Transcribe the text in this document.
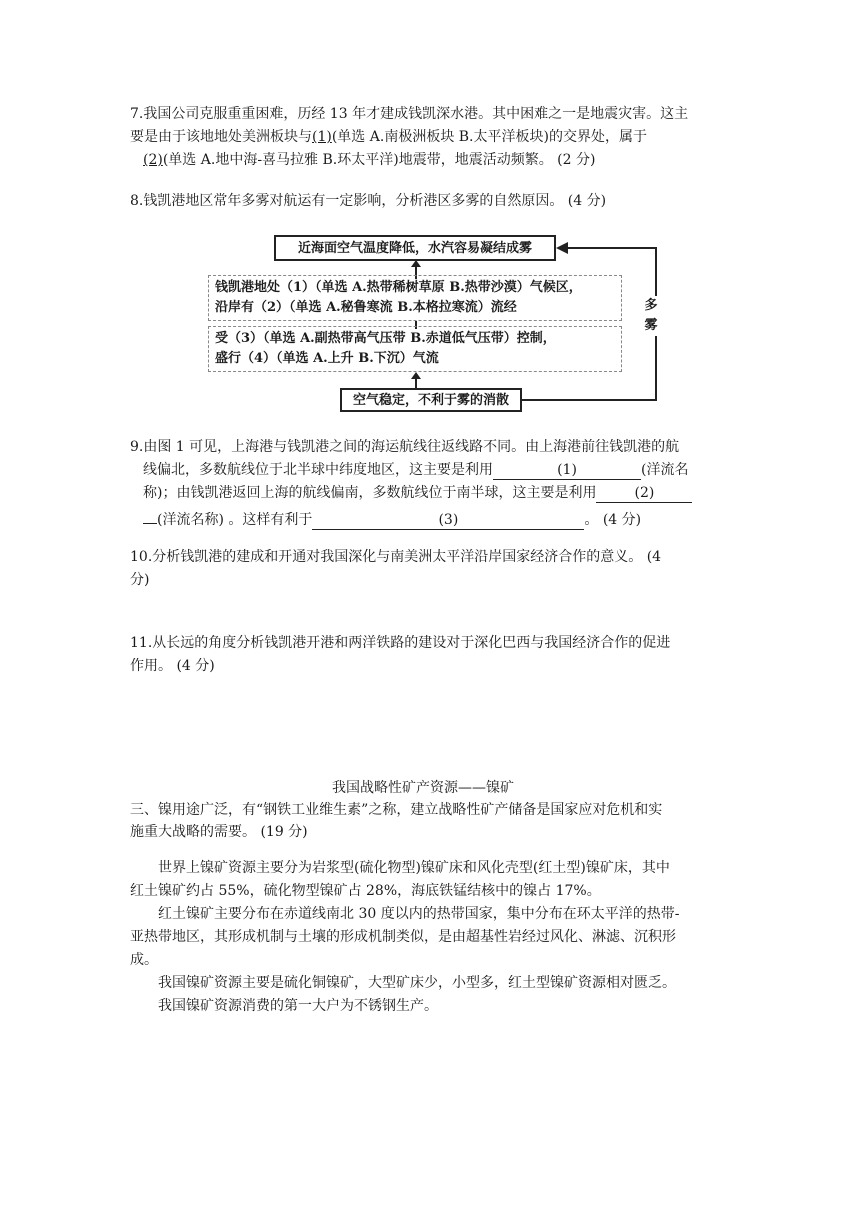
7.我国公司克服重重困难，历经 13 年才建成钱凯深水港。其中困难之一是地震灾害。这主
要是由于该地地处美洲板块与(1)(单选 A.南极洲板块 B.太平洋板块)的交界处，属于
(2)(单选 A.地中海-喜马拉雅 B.环太平洋)地震带，地震活动频繁。 (2 分)
8.钱凯港地区常年多雾对航运有一定影响，分析港区多雾的自然原因。 (4 分)
近海面空气温度降低，水汽容易凝结成雾
钱凯港地处（1）（单选 A.热带稀树草原 B.热带沙漠）气候区，
沿岸有（2）（单选 A.秘鲁寒流 B.本格拉寒流）流经
受（3）（单选 A.副热带高气压带 B.赤道低气压带）控制，
盛行（4）（单选 A.上升 B.下沉）气流
空气稳定，不利于雾的消散
多
雾
9.由图 1 可见，上海港与钱凯港之间的海运航线往返线路不同。由上海港前往钱凯港的航
线偏北，多数航线位于北半球中纬度地区，这主要是利用	(1)	(洋流名
称)；由钱凯港返回上海的航线偏南，多数航线位于南半球，这主要是利用	(2)
(洋流名称) 。这样有利于	(3)	。 (4 分)
10.分析钱凯港的建成和开通对我国深化与南美洲太平洋沿岸国家经济合作的意义。 (4
分)
11.从长远的角度分析钱凯港开港和两洋铁路的建设对于深化巴西与我国经济合作的促进
作用。 (4 分)
我国战略性矿产资源——镍矿
三、镍用途广泛，有“钢铁工业维生素”之称，建立战略性矿产储备是国家应对危机和实
施重大战略的需要。 (19 分)
世界上镍矿资源主要分为岩浆型(硫化物型)镍矿床和风化壳型(红土型)镍矿床，其中
红土镍矿约占 55%，硫化物型镍矿占 28%，海底铁锰结核中的镍占 17%。
红土镍矿主要分布在赤道线南北 30 度以内的热带国家，集中分布在环太平洋的热带-
亚热带地区，其形成机制与土壤的形成机制类似，是由超基性岩经过风化、淋滤、沉积形
成。
我国镍矿资源主要是硫化铜镍矿，大型矿床少，小型多，红土型镍矿资源相对匮乏。
我国镍矿资源消费的第一大户为不锈钢生产。
